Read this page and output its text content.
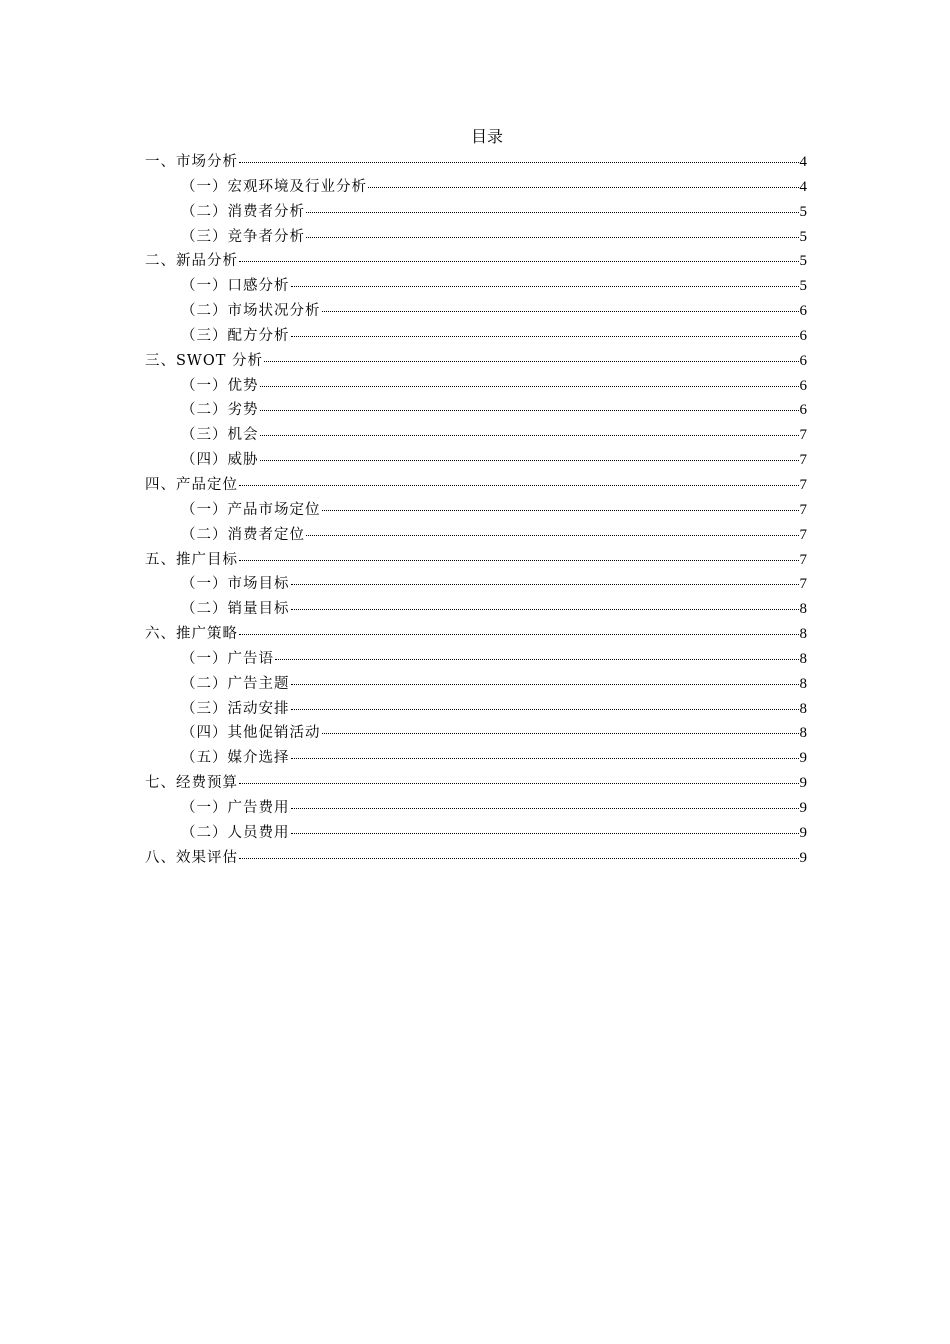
目录
一、市场分析	4
（一）宏观环境及行业分析	4
（二）消费者分析	5
（三）竞争者分析	5
二、新品分析	5
（一）口感分析	5
（二）市场状况分析	6
（三）配方分析	6
三、SWOT 分析	6
（一）优势	6
（二）劣势	6
（三）机会	7
（四）威胁	7
四、产品定位	7
（一）产品市场定位	7
（二）消费者定位	7
五、推广目标	7
（一）市场目标	7
（二）销量目标	8
六、推广策略	8
（一）广告语	8
（二）广告主题	8
（三）活动安排	8
（四）其他促销活动	8
（五）媒介选择	9
七、经费预算	9
（一）广告费用	9
（二）人员费用	9
八、效果评估	9
